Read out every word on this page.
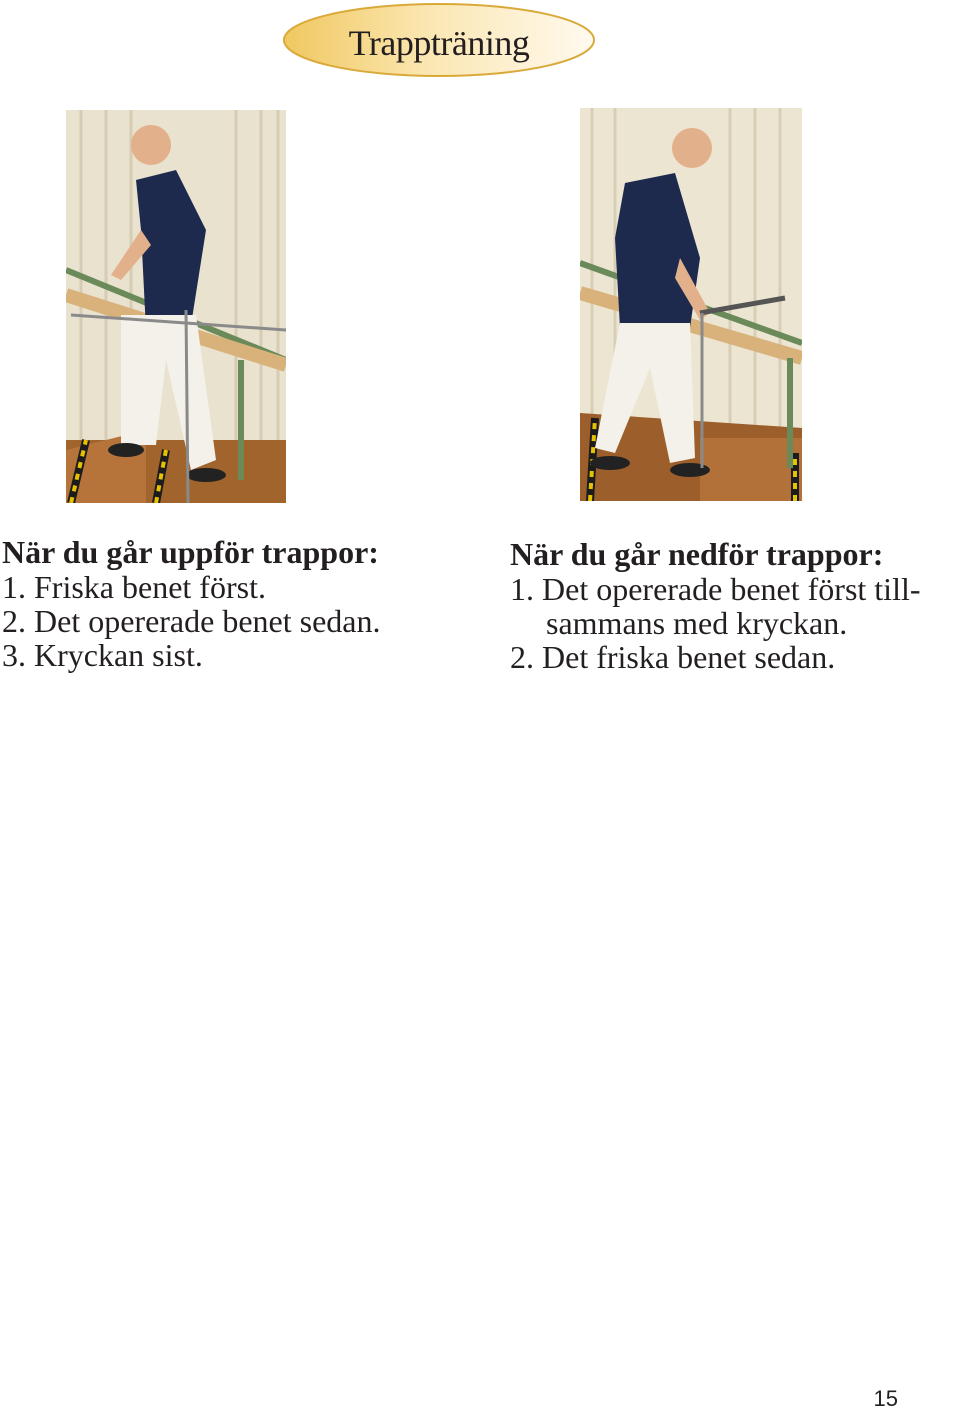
Trappträning
När du går uppför trappor:
1. Friska benet först.
2. Det opererade benet sedan.
3. Kryckan sist.
När du går nedför trappor:
1. Det opererade benet först till-
sammans med kryckan.
2. Det friska benet sedan.
15
